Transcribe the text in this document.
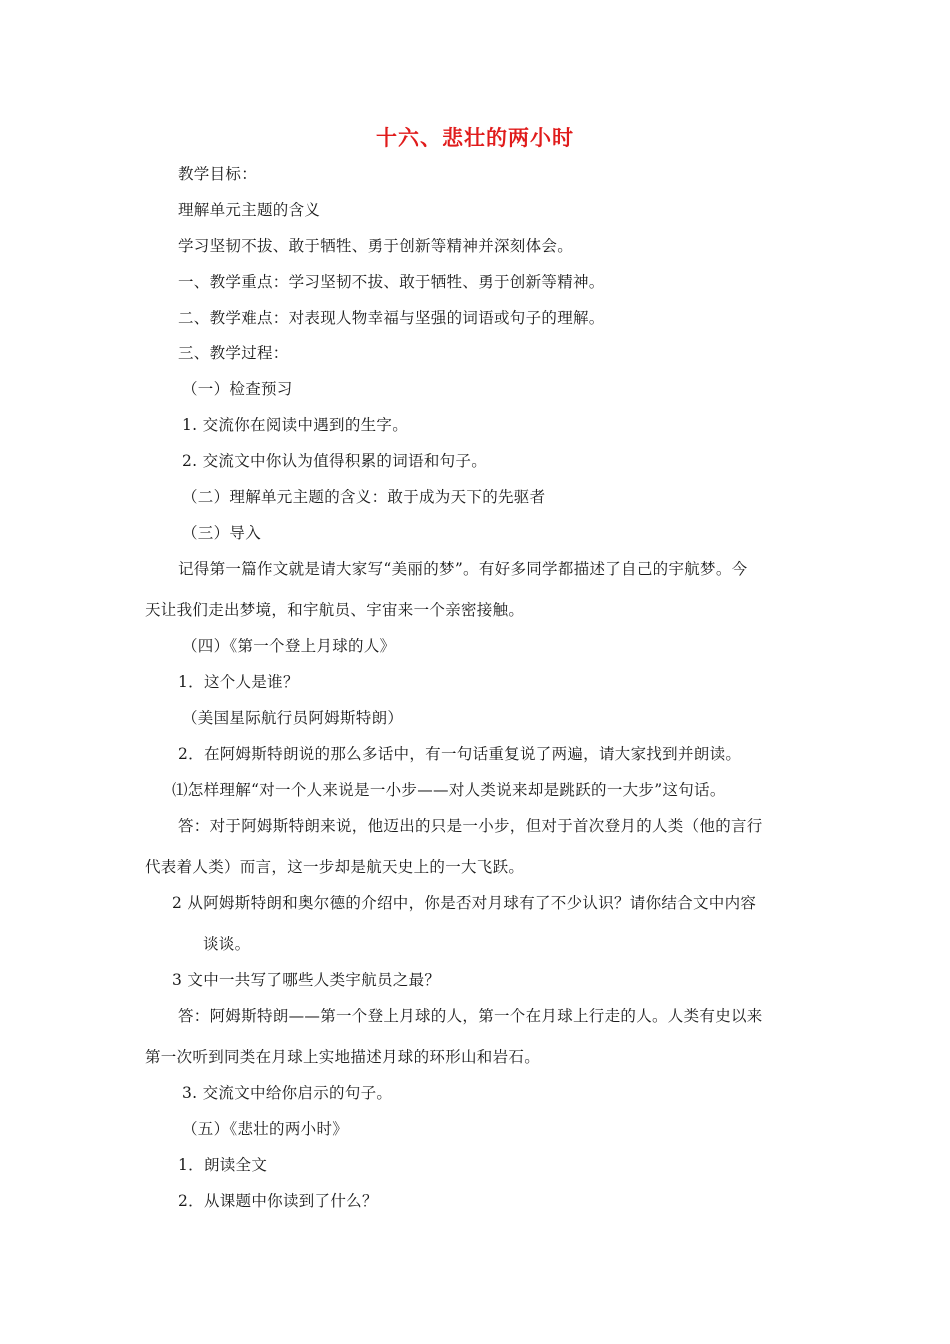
十六、悲壮的两小时
教学目标：
理解单元主题的含义
学习坚韧不拔、敢于牺牲、勇于创新等精神并深刻体会。
一、教学重点：学习坚韧不拔、敢于牺牲、勇于创新等精神。
二、教学难点：对表现人物幸福与坚强的词语或句子的理解。
三、教学过程：
（一）检查预习
1. 交流你在阅读中遇到的生字。
2. 交流文中你认为值得积累的词语和句子。
（二）理解单元主题的含义：敢于成为天下的先驱者
（三）导入
记得第一篇作文就是请大家写“美丽的梦”。有好多同学都描述了自己的宇航梦。今
天让我们走出梦境，和宇航员、宇宙来一个亲密接触。
（四）《第一个登上月球的人》
1．这个人是谁？
（美国星际航行员阿姆斯特朗）
2．在阿姆斯特朗说的那么多话中，有一句话重复说了两遍，请大家找到并朗读。
⑴怎样理解“对一个人来说是一小步——对人类说来却是跳跃的一大步”这句话。
答：对于阿姆斯特朗来说，他迈出的只是一小步，但对于首次登月的人类（他的言行
代表着人类）而言，这一步却是航天史上的一大飞跃。
2 从阿姆斯特朗和奥尔德的介绍中，你是否对月球有了不少认识？请你结合文中内容
谈谈。
3 文中一共写了哪些人类宇航员之最？
答：阿姆斯特朗——第一个登上月球的人，第一个在月球上行走的人。人类有史以来
第一次听到同类在月球上实地描述月球的环形山和岩石。
3. 交流文中给你启示的句子。
（五）《悲壮的两小时》
1．朗读全文
2．从课题中你读到了什么？
